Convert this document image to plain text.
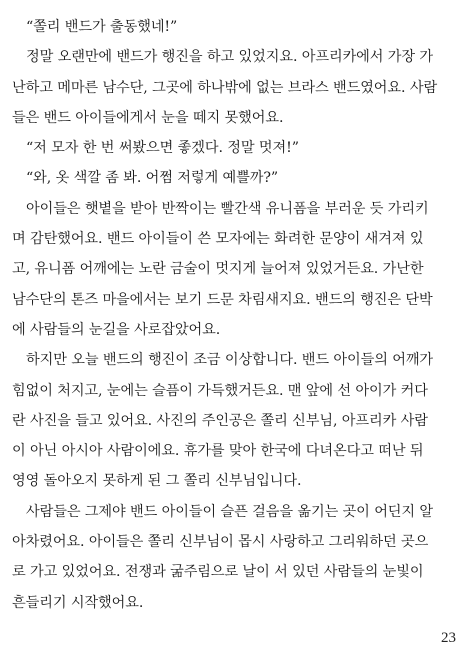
“쫄리 밴드가 출동했네!”
정말 오랜만에 밴드가 행진을 하고 있었지요. 아프리카에서 가장 가
난하고 메마른 남수단, 그곳에 하나밖에 없는 브라스 밴드였어요. 사람
들은 밴드 아이들에게서 눈을 떼지 못했어요.
“저 모자 한 번 써봤으면 좋겠다. 정말 멋져!”
“와, 옷 색깔 좀 봐. 어쩜 저렇게 예쁠까?”
아이들은 햇볕을 받아 반짝이는 빨간색 유니폼을 부러운 듯 가리키
며 감탄했어요. 밴드 아이들이 쓴 모자에는 화려한 문양이 새겨져 있
고, 유니폼 어깨에는 노란 금술이 멋지게 늘어져 있었거든요. 가난한
남수단의 톤즈 마을에서는 보기 드문 차림새지요. 밴드의 행진은 단박
에 사람들의 눈길을 사로잡았어요.
하지만 오늘 밴드의 행진이 조금 이상합니다. 밴드 아이들의 어깨가
힘없이 처지고, 눈에는 슬픔이 가득했거든요. 맨 앞에 선 아이가 커다
란 사진을 들고 있어요. 사진의 주인공은 쫄리 신부님, 아프리카 사람
이 아닌 아시아 사람이에요. 휴가를 맞아 한국에 다녀온다고 떠난 뒤
영영 돌아오지 못하게 된 그 쫄리 신부님입니다.
사람들은 그제야 밴드 아이들이 슬픈 걸음을 옮기는 곳이 어딘지 알
아차렸어요. 아이들은 쫄리 신부님이 몹시 사랑하고 그리워하던 곳으
로 가고 있었어요. 전쟁과 굶주림으로 날이 서 있던 사람들의 눈빛이
흔들리기 시작했어요.
23
